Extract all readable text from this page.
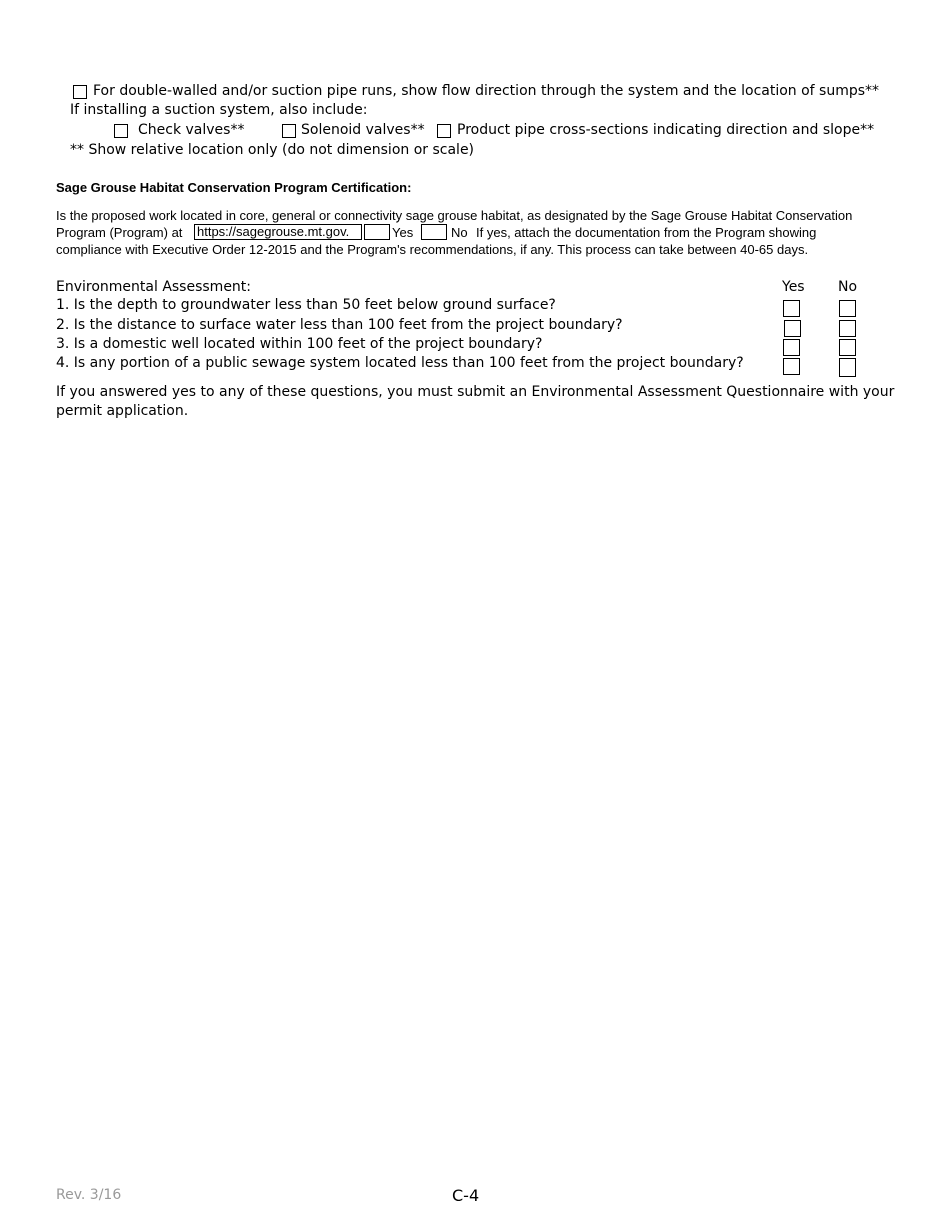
For double-walled and/or suction pipe runs, show flow direction through the system and the location of sumps**
If installing a suction system, also include:
Check valves**	Solenoid valves** Product pipe cross-sections indicating direction and slope**
** Show relative location only (do not dimension or scale)
Sage Grouse Habitat Conservation Program Certification:
Is the proposed work located in core, general or connectivity sage grouse habitat, as designated by the Sage Grouse Habitat Conservation
Program (Program) at https://sagegrouse.mt.gov.	Yes	No If yes, attach the documentation from the Program showing
compliance with Executive Order 12-2015 and the Program's recommendations, if any. This process can take between 40-65 days.
Environmental Assessment:	Yes No
1. Is the depth to groundwater less than 50 feet below ground surface?
2. Is the distance to surface water less than 100 feet from the project boundary?
3. Is a domestic well located within 100 feet of the project boundary?
4. Is any portion of a public sewage system located less than 100 feet from the project boundary?
If you answered yes to any of these questions, you must submit an Environmental Assessment Questionnaire with your
permit application.
Rev. 3/16	C-4
